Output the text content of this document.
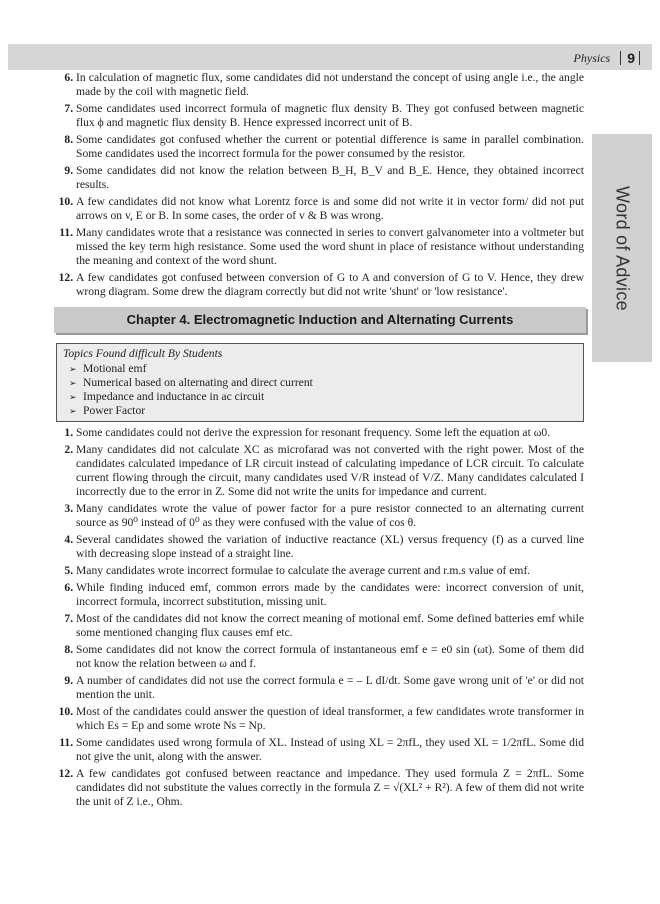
Physics 9
Word of Advice
6. In calculation of magnetic flux, some candidates did not understand the concept of using angle i.e., the angle made by the coil with magnetic field.
7. Some candidates used incorrect formula of magnetic flux density B. They got confused between magnetic flux ϕ and magnetic flux density B. Hence expressed incorrect unit of B.
8. Some candidates got confused whether the current or potential difference is same in parallel combination. Some candidates used the incorrect formula for the power consumed by the resistor.
9. Some candidates did not know the relation between B_H, B_V and B_E. Hence, they obtained incorrect results.
10. A few candidates did not know what Lorentz force is and some did not write it in vector form/ did not put arrows on v, E or B. In some cases, the order of v & B was wrong.
11. Many candidates wrote that a resistance was connected in series to convert galvanometer into a voltmeter but missed the key term high resistance. Some used the word shunt in place of resistance without understanding the meaning and context of the word shunt.
12. A few candidates got confused between conversion of G to A and conversion of G to V. Hence, they drew wrong diagram. Some drew the diagram correctly but did not write 'shunt' or 'low resistance'.
Chapter 4. Electromagnetic Induction and Alternating Currents
Topics Found difficult By Students
➢ Motional emf
➢ Numerical based on alternating and direct current
➢ Impedance and inductance in ac circuit
➢ Power Factor
1. Some candidates could not derive the expression for resonant frequency. Some left the equation at ω0.
2. Many candidates did not calculate XC as microfarad was not converted with the right power. Most of the candidates calculated impedance of LR circuit instead of calculating impedance of LCR circuit. To calculate current flowing through the circuit, many candidates used V/R instead of V/Z. Many candidates calculated I incorrectly due to the error in Z. Some did not write the units for impedance and current.
3. Many candidates wrote the value of power factor for a pure resistor connected to an alternating current source as 90⁰ instead of 0⁰ as they were confused with the value of cos θ.
4. Several candidates showed the variation of inductive reactance (XL) versus frequency (f) as a curved line with decreasing slope instead of a straight line.
5. Many candidates wrote incorrect formulae to calculate the average current and r.m.s value of emf.
6. While finding induced emf, common errors made by the candidates were: incorrect conversion of unit, incorrect formula, incorrect substitution, missing unit.
7. Most of the candidates did not know the correct meaning of motional emf. Some defined batteries emf while some mentioned changing flux causes emf etc.
8. Some candidates did not know the correct formula of instantaneous emf e = e0 sin (ωt). Some of them did not know the relation between ω and f.
9. A number of candidates did not use the correct formula e = – L dI/dt. Some gave wrong unit of 'e' or did not mention the unit.
10. Most of the candidates could answer the question of ideal transformer, a few candidates wrote transformer in which Es = Ep and some wrote Ns = Np.
11. Some candidates used wrong formula of XL. Instead of using XL = 2πfL, they used XL = 1/2πfL. Some did not give the unit, along with the answer.
12. A few candidates got confused between reactance and impedance. They used formula Z = 2πfL. Some candidates did not substitute the values correctly in the formula Z = √(XL² + R²). A few of them did not write the unit of Z i.e., Ohm.
